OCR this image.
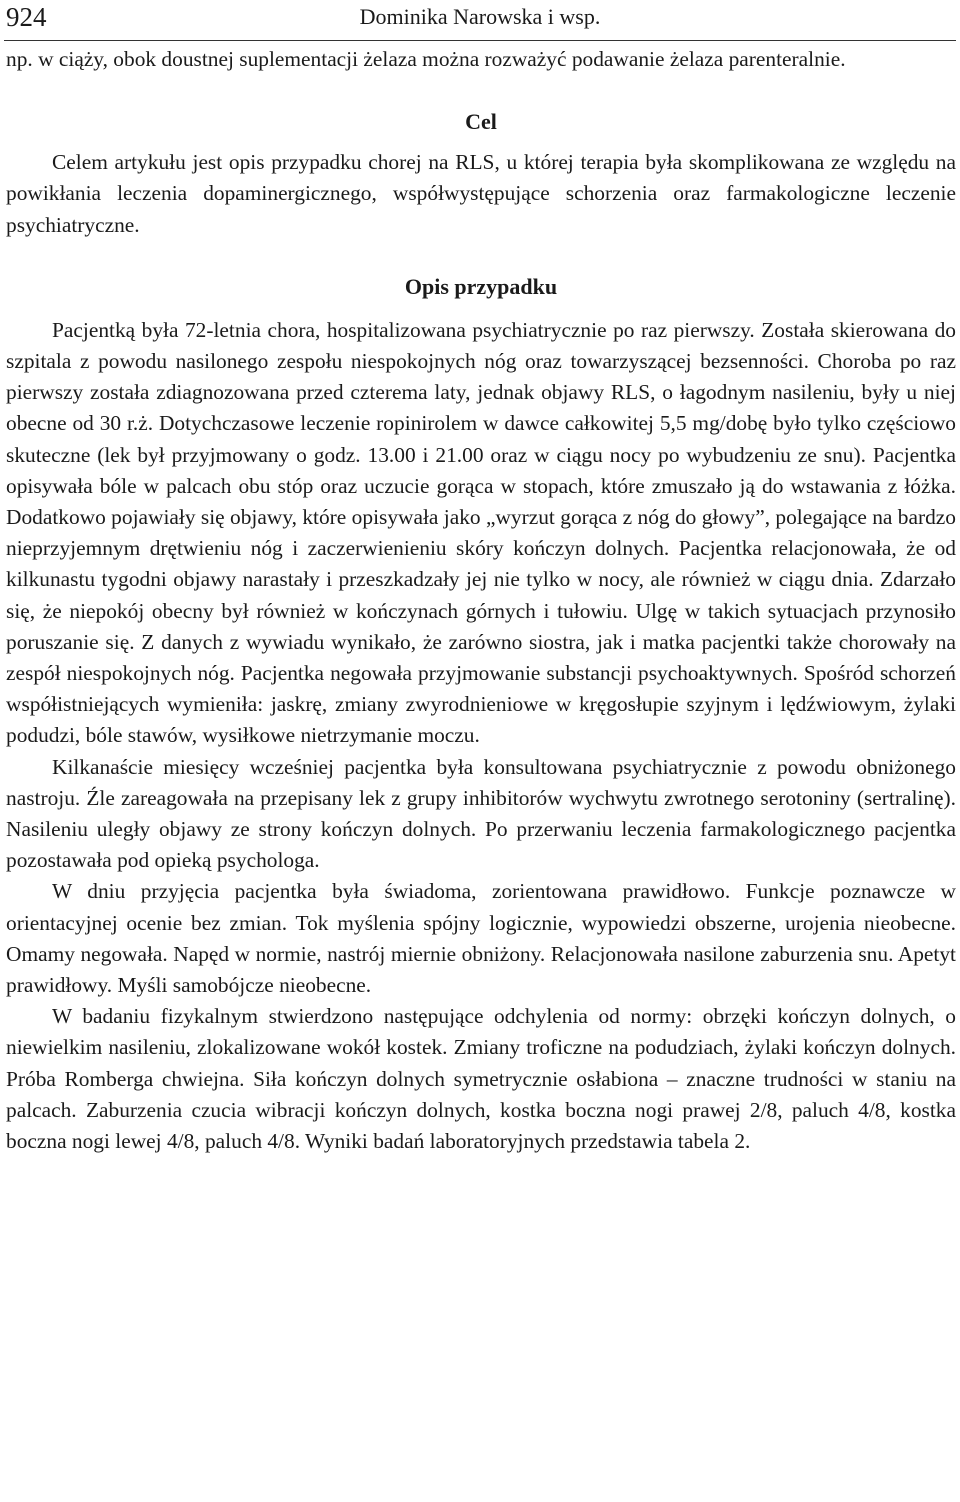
924	Dominika Narowska i wsp.

np. w ciąży, obok doustnej suplementacji żelaza można rozważyć podawanie żelaza parenteralnie.

Cel

Celem artykułu jest opis przypadku chorej na RLS, u której terapia była skomplikowana ze względu na powikłania leczenia dopaminergicznego, współwystępujące schorzenia oraz farmakologiczne leczenie psychiatryczne.

Opis przypadku

Pacjentką była 72-letnia chora, hospitalizowana psychiatrycznie po raz pierwszy. Została skierowana do szpitala z powodu nasilonego zespołu niespokojnych nóg oraz towarzyszącej bezsenności. Choroba po raz pierwszy została zdiagnozowana przed czterema laty, jednak objawy RLS, o łagodnym nasileniu, były u niej obecne od 30 r.ż. Dotychczasowe leczenie ropinirolem w dawce całkowitej 5,5 mg/dobę było tylko częściowo skuteczne (lek był przyjmowany o godz. 13.00 i 21.00 oraz w ciągu nocy po wybudzeniu ze snu). Pacjentka opisywała bóle w palcach obu stóp oraz uczucie gorąca w stopach, które zmuszało ją do wstawania z łóżka. Dodatkowo pojawiały się objawy, które opisywała jako „wyrzut gorąca z nóg do głowy”, polegające na bardzo nieprzyjemnym drętwieniu nóg i zaczerwienieniu skóry kończyn dolnych. Pacjentka relacjonowała, że od kilkunastu tygodni objawy narastały i przeszkadzały jej nie tylko w nocy, ale również w ciągu dnia. Zdarzało się, że niepokój obecny był również w kończynach górnych i tułowiu. Ulgę w takich sytuacjach przynosiło poruszanie się. Z danych z wywiadu wynikało, że zarówno siostra, jak i matka pacjentki także chorowały na zespół niespokojnych nóg. Pacjentka negowała przyjmowanie substancji psychoaktywnych. Spośród schorzeń współistniejących wymieniła: jaskrę, zmiany zwyrodnieniowe w kręgosłupie szyjnym i lędźwiowym, żylaki podudzi, bóle stawów, wysiłkowe nietrzymanie moczu.

Kilkanaście miesięcy wcześniej pacjentka była konsultowana psychiatrycznie z powodu obniżonego nastroju. Źle zareagowała na przepisany lek z grupy inhibitorów wychwytu zwrotnego serotoniny (sertralinę). Nasileniu uległy objawy ze strony kończyn dolnych. Po przerwaniu leczenia farmakologicznego pacjentka pozostawała pod opieką psychologa.

W dniu przyjęcia pacjentka była świadoma, zorientowana prawidłowo. Funkcje poznawcze w orientacyjnej ocenie bez zmian. Tok myślenia spójny logicznie, wypowiedzi obszerne, urojenia nieobecne. Omamy negowała. Napęd w normie, nastrój miernie obniżony. Relacjonowała nasilone zaburzenia snu. Apetyt prawidłowy. Myśli samobójcze nieobecne.

W badaniu fizykalnym stwierdzono następujące odchylenia od normy: obrzęki kończyn dolnych, o niewielkim nasileniu, zlokalizowane wokół kostek. Zmiany troficzne na podudziach, żylaki kończyn dolnych. Próba Romberga chwiejna. Siła kończyn dolnych symetrycznie osłabiona – znaczne trudności w staniu na palcach. Zaburzenia czucia wibracji kończyn dolnych, kostka boczna nogi prawej 2/8, paluch 4/8, kostka boczna nogi lewej 4/8, paluch 4/8. Wyniki badań laboratoryjnych przedstawia tabela 2.
